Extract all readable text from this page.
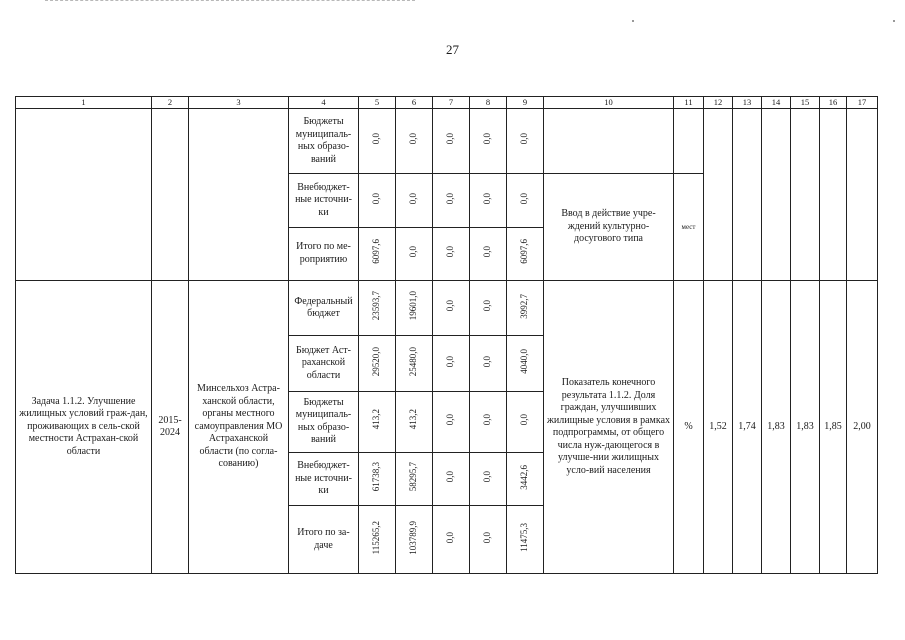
27
1	2	3	4	5	6	7	8	9	10	11	12	13	14	15	16	17
			Бюджеты муниципаль-ных образо-ваний	0,0	0,0	0,0	0,0	0,0								
			Внебюджет-ные источни-ки	0,0	0,0	0,0	0,0	0,0	Ввод в действие учре-ждений культурно-досугового типа	мест						
			Итого по ме-роприятию	6097,6	0,0	0,0	0,0	6097,6								
Задача 1.1.2. Улучшение жилищных условий граж-дан, проживающих в сель-ской местности Астрахан-ской области	2015-2024	Минсельхоз Астра-ханской области, органы местного самоуправления МО Астраханской области (по согла-сованию)	Федеральный бюджет	23593,7	19601,0	0,0	0,0	3992,7	Показатель конечного результата 1.1.2. Доля граждан, улучшивших жилищные условия в рамках подпрограммы, от общего числа нуж-дающегося в улучше-нии жилищных усло-вий населения	%	1,52	1,74	1,83	1,83	1,85	2,00
			Бюджет Аст-раханской области	29520,0	25480,0	0,0	0,0	4040,0								
			Бюджеты муниципаль-ных образо-ваний	413,2	413,2	0,0	0,0	0,0								
			Внебюджет-ные источни-ки	61738,3	58295,7	0,0	0,0	3442,6								
			Итого по за-даче	115265,2	103789,9	0,0	0,0	11475,3								
